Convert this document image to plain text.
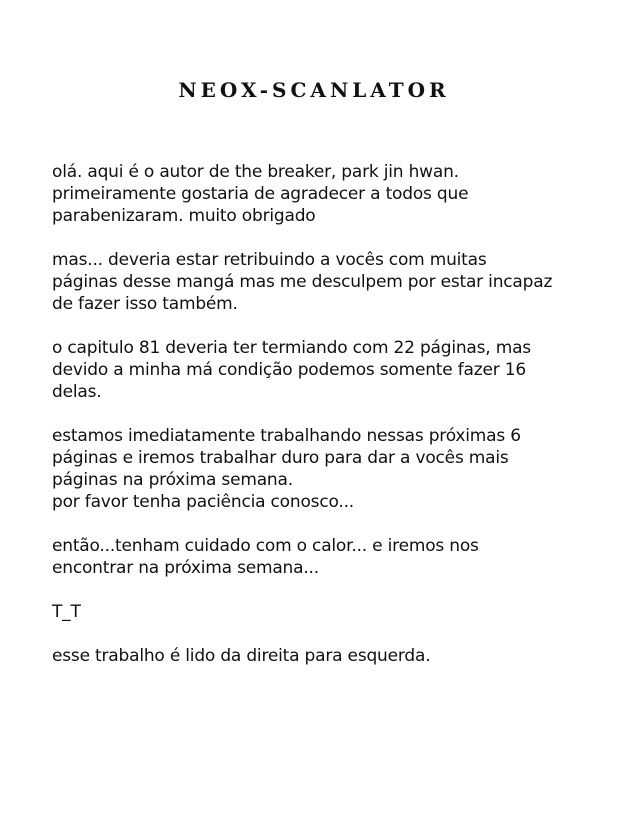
NEOX-SCANLATOR

olá. aqui é o autor de the breaker, park jin hwan.
primeiramente gostaria de agradecer a todos que
parabenizaram. muito obrigado

mas... deveria estar retribuindo a vocês com muitas
páginas desse mangá mas me desculpem por estar incapaz
de fazer isso também.

o capitulo 81 deveria ter termiando com 22 páginas, mas
devido a minha má condição podemos somente fazer 16
delas.

estamos imediatamente trabalhando nessas próximas 6
páginas e iremos trabalhar duro para dar a vocês mais
páginas na próxima semana.
por favor tenha paciência conosco...

então...tenham cuidado com o calor... e iremos nos
encontrar na próxima semana...

T_T

esse trabalho é lido da direita para esquerda.
